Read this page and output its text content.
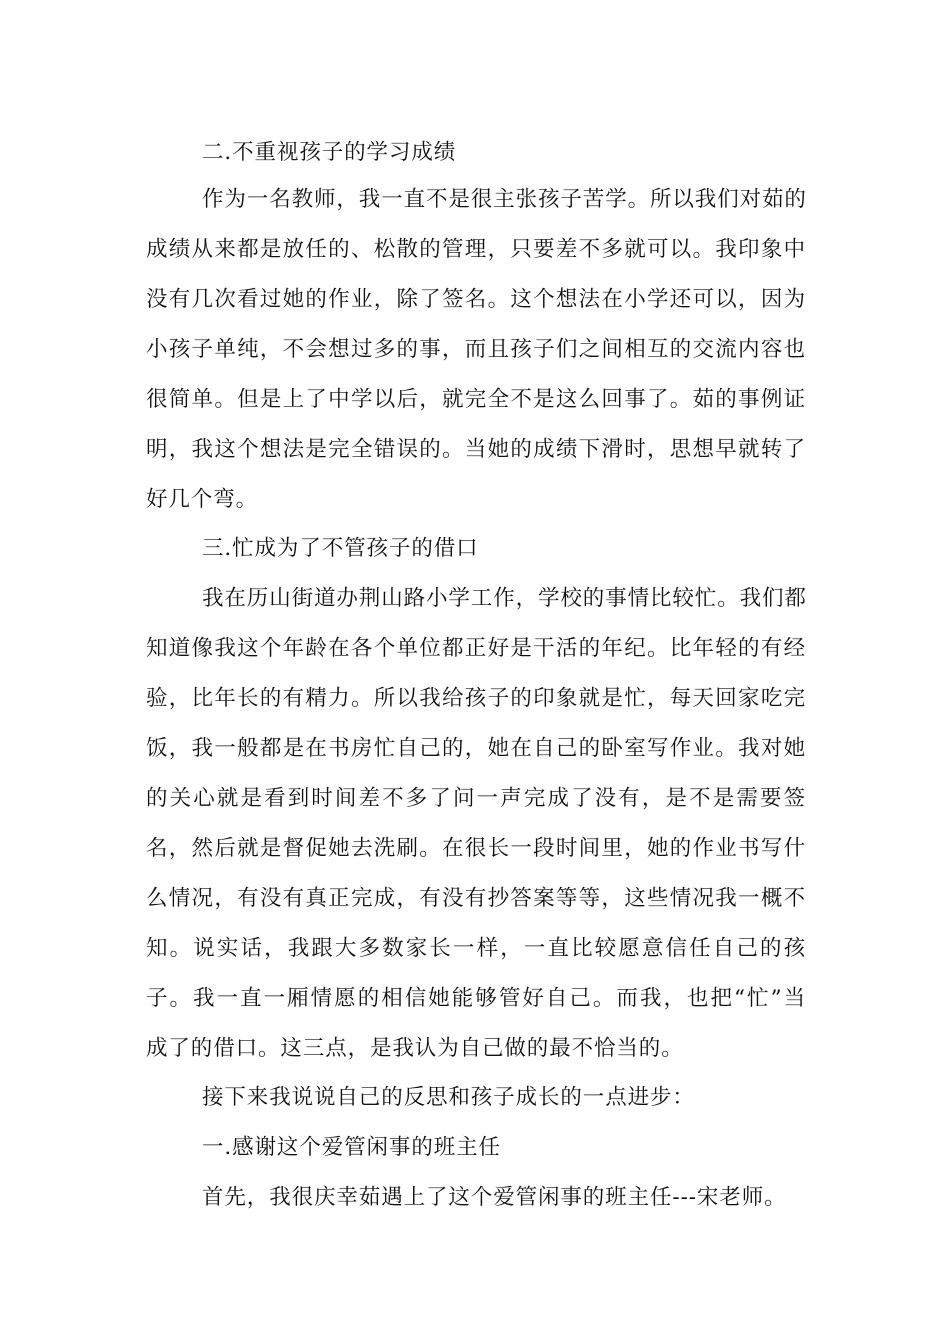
二.不重视孩子的学习成绩
作为一名教师，我一直不是很主张孩子苦学。所以我们对茹的
成绩从来都是放任的、松散的管理，只要差不多就可以。我印象中
没有几次看过她的作业，除了签名。这个想法在小学还可以，因为
小孩子单纯，不会想过多的事，而且孩子们之间相互的交流内容也
很简单。但是上了中学以后，就完全不是这么回事了。茹的事例证
明，我这个想法是完全错误的。当她的成绩下滑时，思想早就转了
好几个弯。
三.忙成为了不管孩子的借口
我在历山街道办荆山路小学工作，学校的事情比较忙。我们都
知道像我这个年龄在各个单位都正好是干活的年纪。比年轻的有经
验，比年长的有精力。所以我给孩子的印象就是忙，每天回家吃完
饭，我一般都是在书房忙自己的，她在自己的卧室写作业。我对她
的关心就是看到时间差不多了问一声完成了没有，是不是需要签
名，然后就是督促她去洗刷。在很长一段时间里，她的作业书写什
么情况，有没有真正完成，有没有抄答案等等，这些情况我一概不
知。说实话，我跟大多数家长一样，一直比较愿意信任自己的孩
子。我一直一厢情愿的相信她能够管好自己。而我，也把“忙”当
成了的借口。这三点，是我认为自己做的最不恰当的。
接下来我说说自己的反思和孩子成长的一点进步：
一.感谢这个爱管闲事的班主任
首先，我很庆幸茹遇上了这个爱管闲事的班主任---宋老师。
